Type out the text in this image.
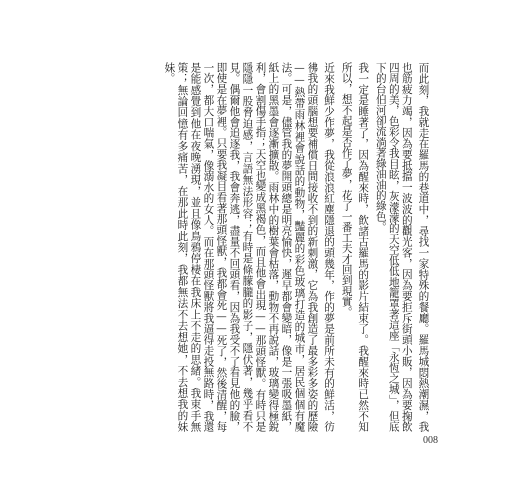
而此刻，我就走在羅馬的巷道中，尋找一家特殊的餐廳。羅馬城悶熱潮濕，我也筋疲力竭，因為要抵擋一波波的觀光客，因為要拒斥街頭小販，因為要掬飲四周的美，色彩令我目眩，灰濛濛的天空低低地籠罩著這座「永恆之城」，但底下的台伯河卻流淌著綠油油的綠色。

我一定是睡著了，因為醒來時，飲諸古羅馬的影片結束了。我醒來時已然不知所以，想不起是否作了夢，花了一番工夫才回到現實。

近來我鮮少作夢，我從浪浪紅塵隱退的頭幾年，作的夢是前所未有的鮮活，彷彿我的頭腦想要補償日間接收不到的新刺激，它為我創造了最多彩多姿的歷險——熱帶雨林裡會說話的動物，豔麗的彩色玻璃打造的城市，居民個個有魔法。可是，儘管我的夢開頭總是明亮愉快，遲早都會變暗，像是一張吸墨紙，紙上的黑墨會逐漸擴散。雨林中的樹葉會枯落，動物不再說話，玻璃變得極銳利，會割傷手指；天空也變成黑褐色，而且他會出現——那頭怪獸。有時只是隱隱一股脅迫感，言語無法形容；有時是條朦朧的影子，隱伏著，幾乎看不見。偶爾他會追逐我，我會奔逃，盡量不回頭看，因為我受不了看見他的臉，即使是在夢裡。只要我凝目看著那頭怪獸，我都會死——死了，然後清醒，每一次，都大口喘氣，像溺水的女人。而在那頭怪獸將我逼得走投無路時，我還是能感覺到他在夜晚湧現，並且像鳥鴉停棲在我床上不走的思緒。我束手無策；無論回憶有多痛苦，在那此時此刻，我都無法不去想她，不去想我的妹妹。

008
